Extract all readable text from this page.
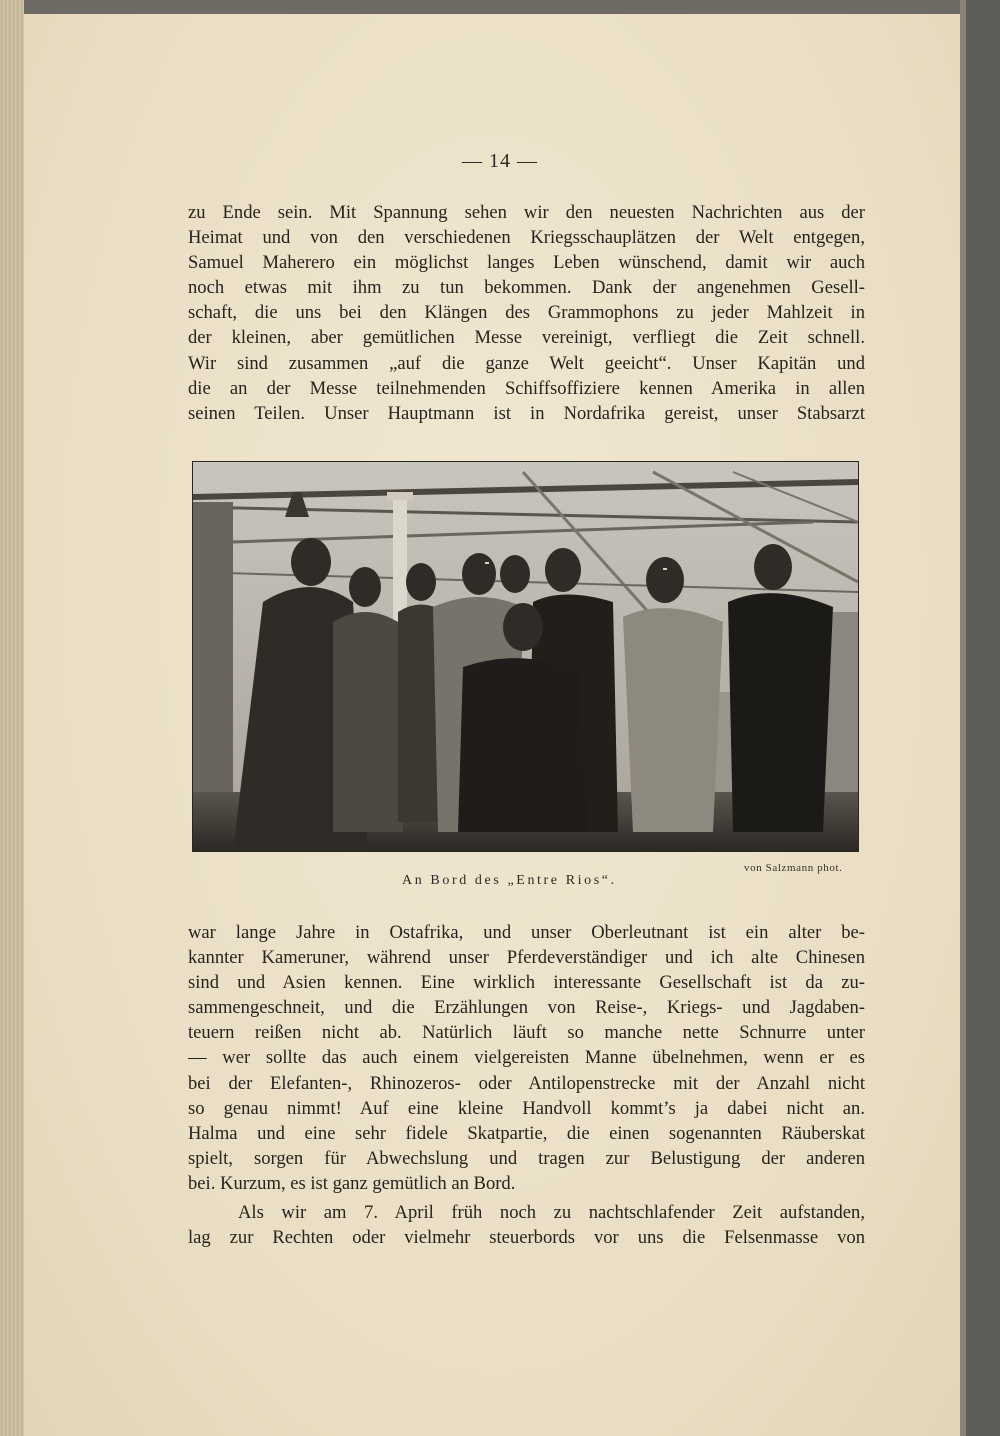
— 14 —
zu Ende sein. Mit Spannung sehen wir den neuesten Nachrichten aus der
Heimat und von den verschiedenen Kriegsschauplätzen der Welt entgegen,
Samuel Maherero ein möglichst langes Leben wünschend, damit wir auch
noch etwas mit ihm zu tun bekommen. Dank der angenehmen Gesell-
schaft, die uns bei den Klängen des Grammophons zu jeder Mahlzeit in
der kleinen, aber gemütlichen Messe vereinigt, verfliegt die Zeit schnell.
Wir sind zusammen „auf die ganze Welt geeicht“. Unser Kapitän und
die an der Messe teilnehmenden Schiffsoffiziere kennen Amerika in allen
seinen Teilen. Unser Hauptmann ist in Nordafrika gereist, unser Stabsarzt
von Salzmann phot.
An Bord des „Entre Rios“.
war lange Jahre in Ostafrika, und unser Oberleutnant ist ein alter be-
kannter Kameruner, während unser Pferdeverständiger und ich alte Chinesen
sind und Asien kennen. Eine wirklich interessante Gesellschaft ist da zu-
sammengeschneit, und die Erzählungen von Reise-, Kriegs- und Jagdaben-
teuern reißen nicht ab. Natürlich läuft so manche nette Schnurre unter
— wer sollte das auch einem vielgereisten Manne übelnehmen, wenn er es
bei der Elefanten-, Rhinozeros- oder Antilopenstrecke mit der Anzahl nicht
so genau nimmt! Auf eine kleine Handvoll kommt’s ja dabei nicht an.
Halma und eine sehr fidele Skatpartie, die einen sogenannten Räuberskat
spielt, sorgen für Abwechslung und tragen zur Belustigung der anderen
bei. Kurzum, es ist ganz gemütlich an Bord.
Als wir am 7. April früh noch zu nachtschlafender Zeit aufstanden,
lag zur Rechten oder vielmehr steuerbords vor uns die Felsenmasse von
